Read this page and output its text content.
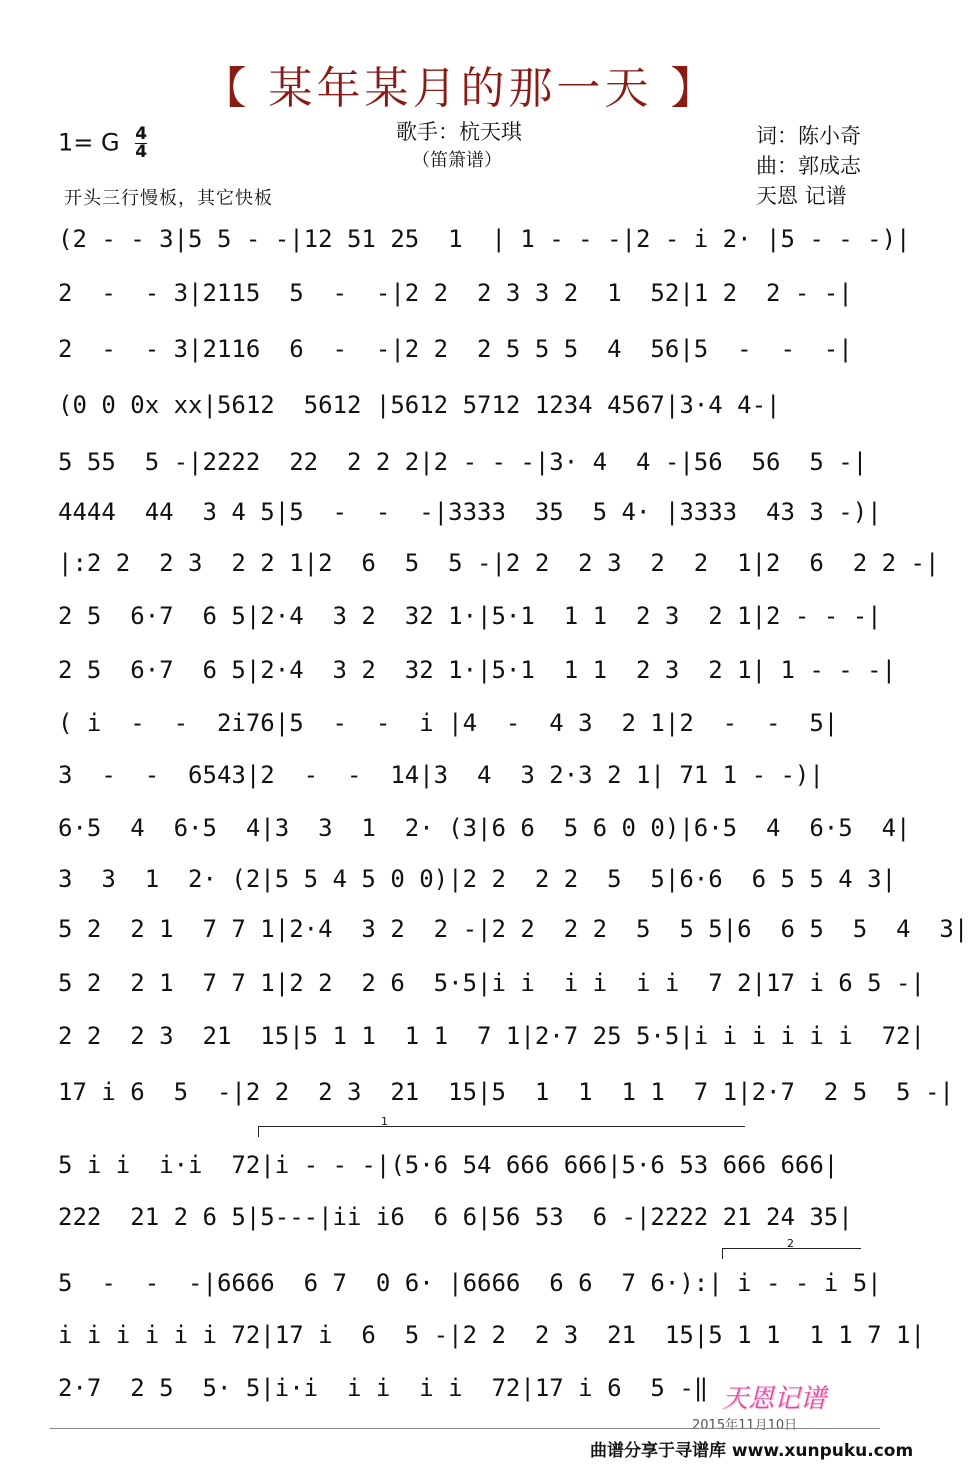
【 某年某月的那一天 】
1= G $\frac{4}{4}$	歌手：杭天琪
（笛箫谱）
词：陈小奇
曲：郭成志
天恩 记谱
开头三行慢板，其它快板
(2 - - 3|5 5 - -|12 51 25  1  | 1 - - -|2 - i 2· |5 - - -)|
2  -  - 3|2115  5  -  -|2 2  2 3 3 2  1  52|1 2  2 - -|
2  -  - 3|2116  6  -  -|2 2  2 5 5 5  4  56|5  -  -  -|
(0 0 0x xx|5612  5612 |5612 5712 1234 4567|3·4 4-|
5 55  5 -|2222  22  2 2 2|2 - - -|3· 4  4 -|56  56  5 -|
4444  44  3 4 5|5  -  -  -|3333  35  5 4· |3333  43 3 -)|
|:2 2  2 3  2 2 1|2  6  5  5 -|2 2  2 3  2  2  1|2  6  2 2 -|
2 5  6·7  6 5|2·4  3 2  32 1·|5·1  1 1  2 3  2 1|2 - - -|
2 5  6·7  6 5|2·4  3 2  32 1·|5·1  1 1  2 3  2 1| 1 - - -|
( i  -  -  2i76|5  -  -  i |4  -  4 3  2 1|2  -  -  5|
3  -  -  6543|2  -  -  14|3  4  3 2·3 2 1| 71 1 - -)|
6·5  4  6·5  4|3  3  1  2· (3|6 6  5 6 0 0)|6·5  4  6·5  4|
3  3  1  2· (2|5 5 4 5 0 0)|2 2  2 2  5  5|6·6  6 5 5 4 3|
5 2  2 1  7 7 1|2·4  3 2  2 -|2 2  2 2  5  5 5|6  6 5  5  4  3|
5 2  2 1  7 7 1|2 2  2 6  5·5|i i  i i  i i  7 2|17 i 6 5 -|
2 2  2 3  21  15|5 1 1  1 1  7 1|2·7 25 5·5|i i i i i i  72|
17 i 6  5  -|2 2  2 3  21  15|5  1  1  1 1  7 1|2·7  2 5  5 -|
1
5 i i  i·i  72|i - - -|(5·6 54 666 666|5·6 53 666 666|
222  21 2 6 5|5---|ii i6  6 6|56 53  6 -|2222 21 24 35|
2
5  -  -  -|6666  6 7  0 6· |6666  6 6  7 6·):| i - - i 5|
i i i i i i 72|17 i  6  5 -|2 2  2 3  21  15|5 1 1  1 1 7 1|
2·7  2 5  5· 5|i·i  i i  i i  72|17 i 6  5 -‖ 天恩记谱
2015年11月10日
曲谱分享于寻谱库 www.xunpuku.com
